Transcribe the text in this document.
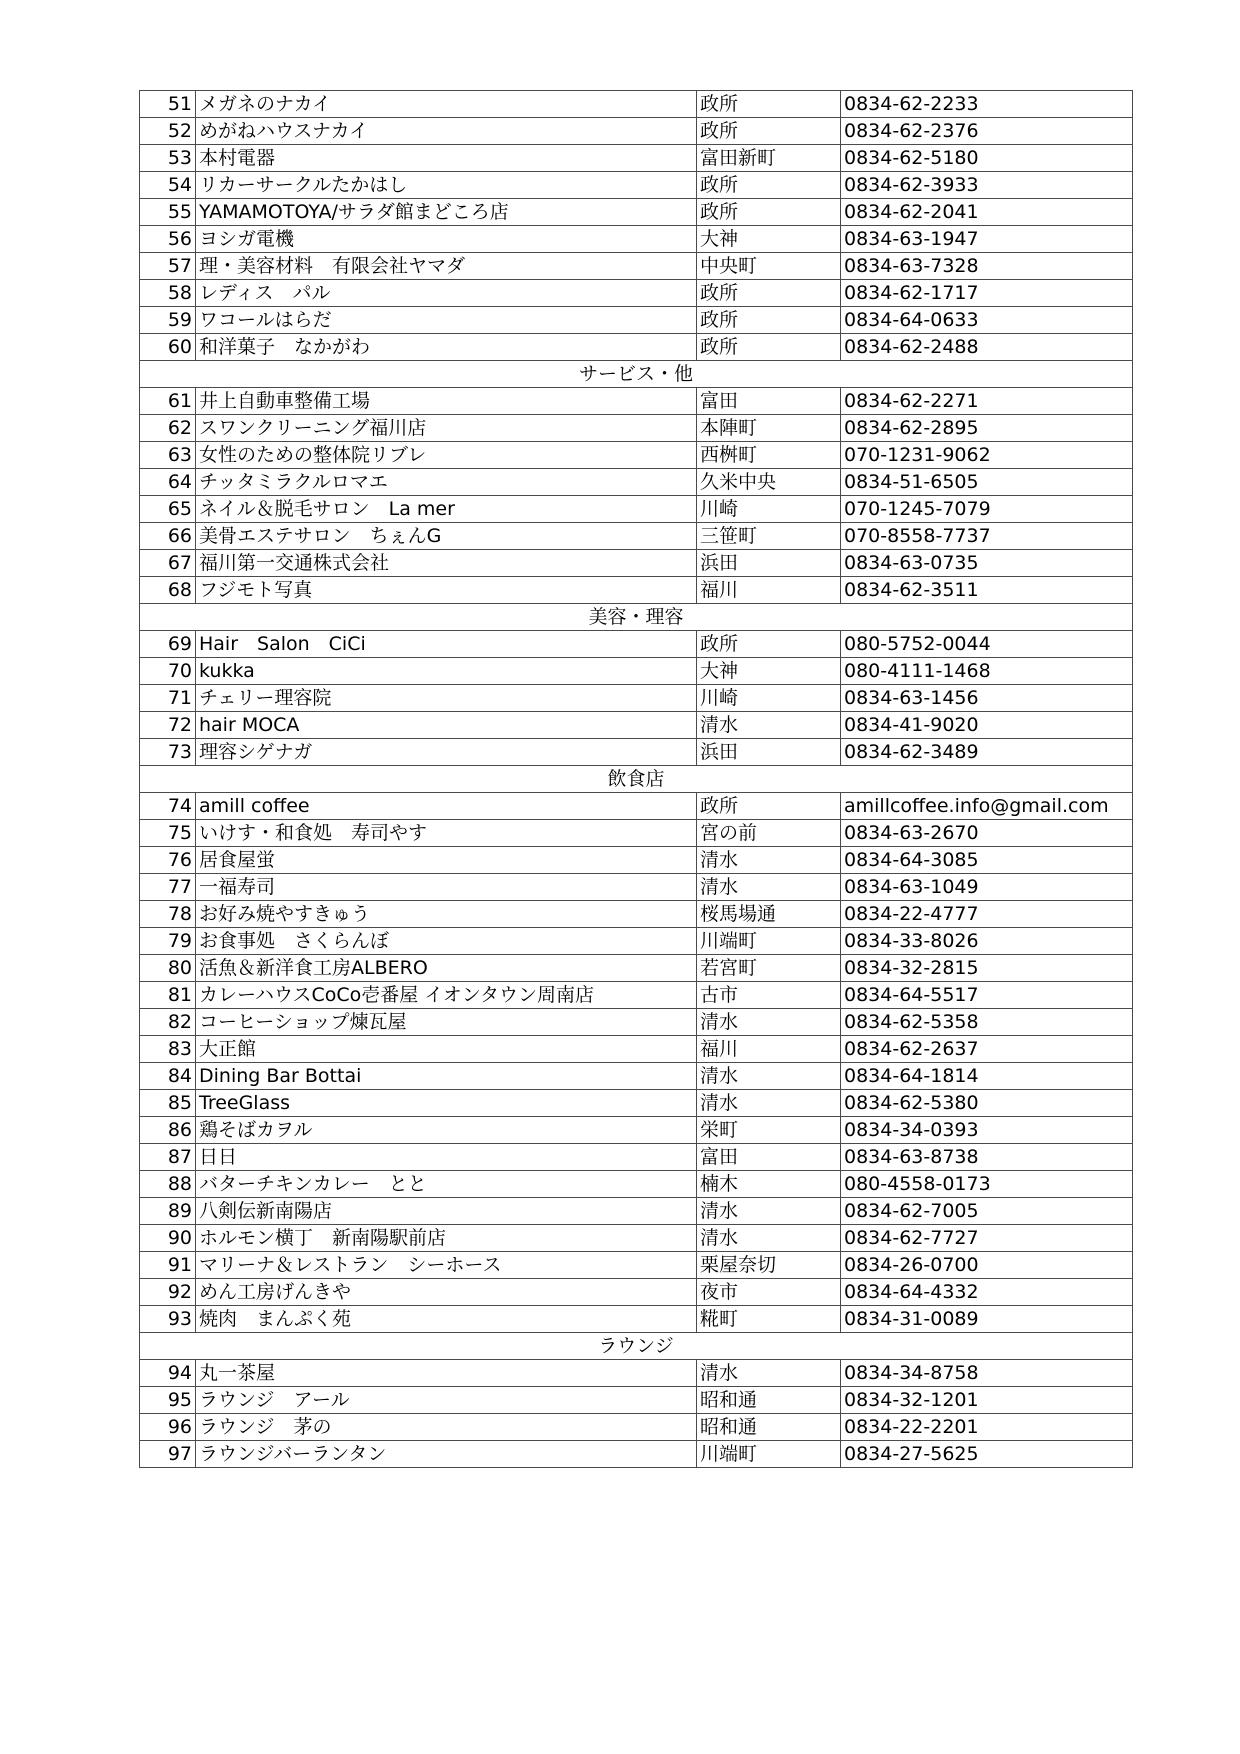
51	メガネのナカイ	政所	0834-62-2233
52	めがねハウスナカイ	政所	0834-62-2376
53	本村電器	富田新町	0834-62-5180
54	リカーサークルたかはし	政所	0834-62-3933
55	YAMAMOTOYA/サラダ館まどころ店	政所	0834-62-2041
56	ヨシガ電機	大神	0834-63-1947
57	理・美容材料　有限会社ヤマダ	中央町	0834-63-7328
58	レディス　パル	政所	0834-62-1717
59	ワコールはらだ	政所	0834-64-0633
60	和洋菓子　なかがわ	政所	0834-62-2488
サービス・他			
61	井上自動車整備工場	富田	0834-62-2271
62	スワンクリーニング福川店	本陣町	0834-62-2895
63	女性のための整体院リブレ	西桝町	070-1231-9062
64	チッタミラクルロマエ	久米中央	0834-51-6505
65	ネイル＆脱毛サロン　La mer	川崎	070-1245-7079
66	美骨エステサロン　ちぇんG	三笹町	070-8558-7737
67	福川第一交通株式会社	浜田	0834-63-0735
68	フジモト写真	福川	0834-62-3511
美容・理容			
69	Hair　Salon　CiCi	政所	080-5752-0044
70	kukka	大神	080-4111-1468
71	チェリー理容院	川崎	0834-63-1456
72	hair MOCA	清水	0834-41-9020
73	理容シゲナガ	浜田	0834-62-3489
飲食店			
74	amill coffee	政所	amillcoffee.info@gmail.com
75	いけす・和食処　寿司やす	宮の前	0834-63-2670
76	居食屋蛍	清水	0834-64-3085
77	一福寿司	清水	0834-63-1049
78	お好み焼やすきゅう	桜馬場通	0834-22-4777
79	お食事処　さくらんぼ	川端町	0834-33-8026
80	活魚＆新洋食工房ALBERO	若宮町	0834-32-2815
81	カレーハウスCoCo壱番屋 イオンタウン周南店	古市	0834-64-5517
82	コーヒーショップ煉瓦屋	清水	0834-62-5358
83	大正館	福川	0834-62-2637
84	Dining Bar Bottai	清水	0834-64-1814
85	TreeGlass	清水	0834-62-5380
86	鶏そばカヲル	栄町	0834-34-0393
87	日日	富田	0834-63-8738
88	バターチキンカレー　とと	楠木	080-4558-0173
89	八剣伝新南陽店	清水	0834-62-7005
90	ホルモン横丁　新南陽駅前店	清水	0834-62-7727
91	マリーナ＆レストラン　シーホース	栗屋奈切	0834-26-0700
92	めん工房げんきや	夜市	0834-64-4332
93	焼肉　まんぷく苑	糀町	0834-31-0089
ラウンジ			
94	丸一茶屋	清水	0834-34-8758
95	ラウンジ　アール	昭和通	0834-32-1201
96	ラウンジ　茅の	昭和通	0834-22-2201
97	ラウンジバーランタン	川端町	0834-27-5625
